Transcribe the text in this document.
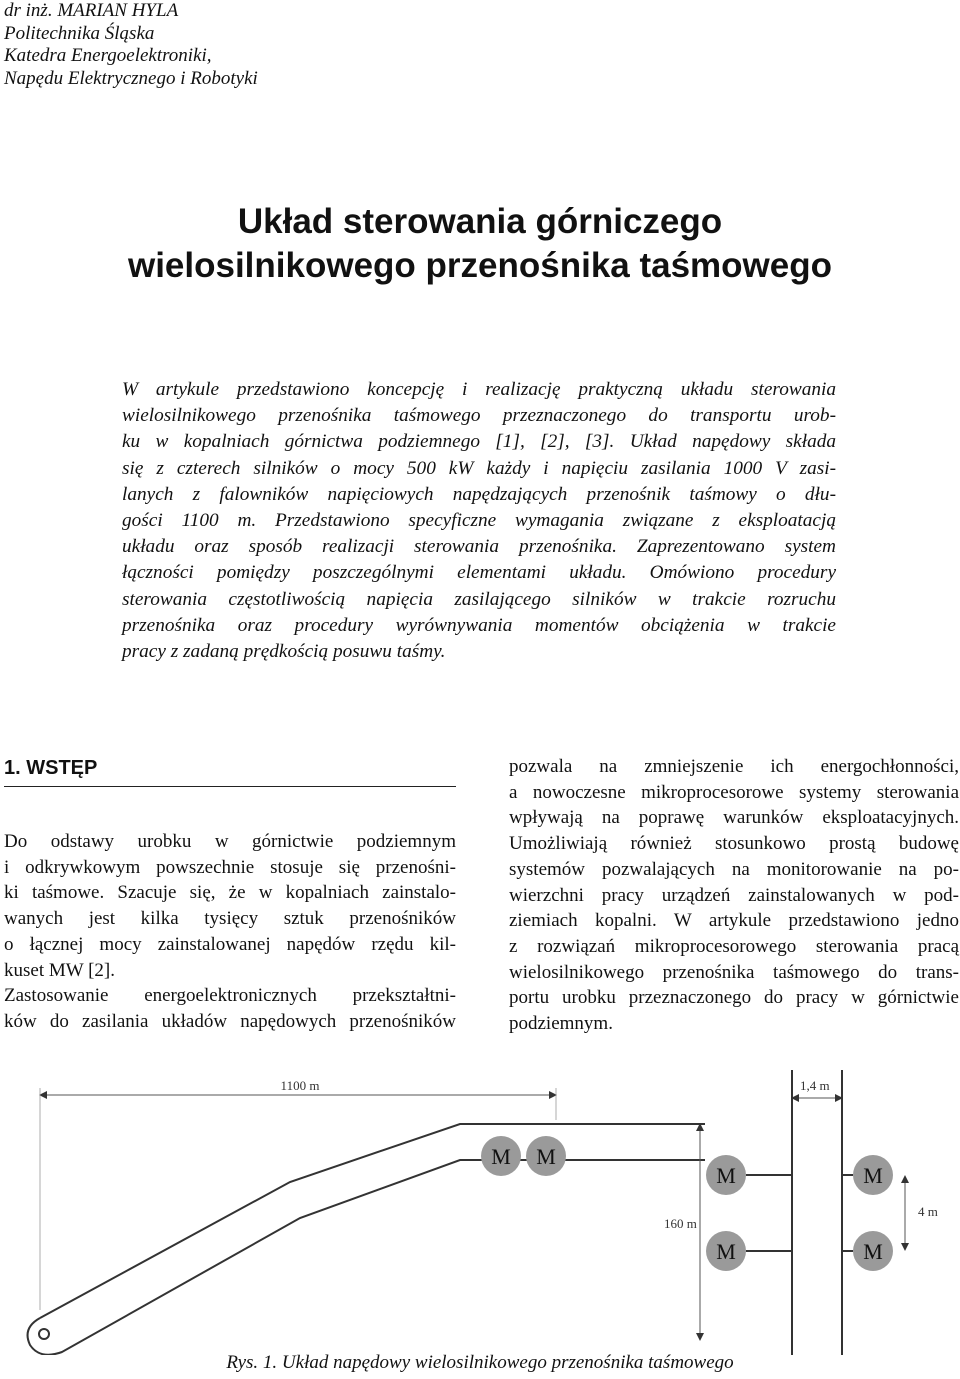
dr inż. MARIAN HYLA
Politechnika Śląska
Katedra Energoelektroniki,
Napędu Elektrycznego i Robotyki
Układ sterowania górniczego
wielosilnikowego przenośnika taśmowego
W artykule przedstawiono koncepcję i realizację praktyczną układu sterowania
wielosilnikowego przenośnika taśmowego przeznaczonego do transportu urob-
ku w kopalniach górnictwa podziemnego [1], [2], [3]. Układ napędowy składa
się z czterech silników o mocy 500 kW każdy i napięciu zasilania 1000 V zasi-
lanych z falowników napięciowych napędzających przenośnik taśmowy o dłu-
gości 1100 m. Przedstawiono specyficzne wymagania związane z eksploatacją
układu oraz sposób realizacji sterowania przenośnika. Zaprezentowano system
łączności pomiędzy poszczególnymi elementami układu. Omówiono procedury
sterowania częstotliwością napięcia zasilającego silników w trakcie rozruchu
przenośnika oraz procedury wyrównywania momentów obciążenia w trakcie
pracy z zadaną prędkością posuwu taśmy.
1. WSTĘP
Do odstawy urobku w górnictwie podziemnym
i odkrywkowym powszechnie stosuje się przenośni-
ki taśmowe. Szacuje się, że w kopalniach zainstalo-
wanych jest kilka tysięcy sztuk przenośników
o łącznej mocy zainstalowanej napędów rzędu kil-
kuset MW [2].
Zastosowanie energoelektronicznych przekształtni-
ków do zasilania układów napędowych przenośników
pozwala na zmniejszenie ich energochłonności,
a nowoczesne mikroprocesorowe systemy sterowania
wpływają na poprawę warunków eksploatacyjnych.
Umożliwiają również stosunkowo prostą budowę
systemów pozwalających na monitorowanie na po-
wierzchni pracy urządzeń zainstalowanych w pod-
ziemiach kopalni. W artykule przedstawiono jedno
z rozwiązań mikroprocesorowego sterowania pracą
wielosilnikowego przenośnika taśmowego do trans-
portu urobku przeznaczonego do pracy w górnictwie
podziemnym.
1100 m	1,4 m
160 m
4 m
M M
M	M
M	M
Rys. 1. Układ napędowy wielosilnikowego przenośnika taśmowego
